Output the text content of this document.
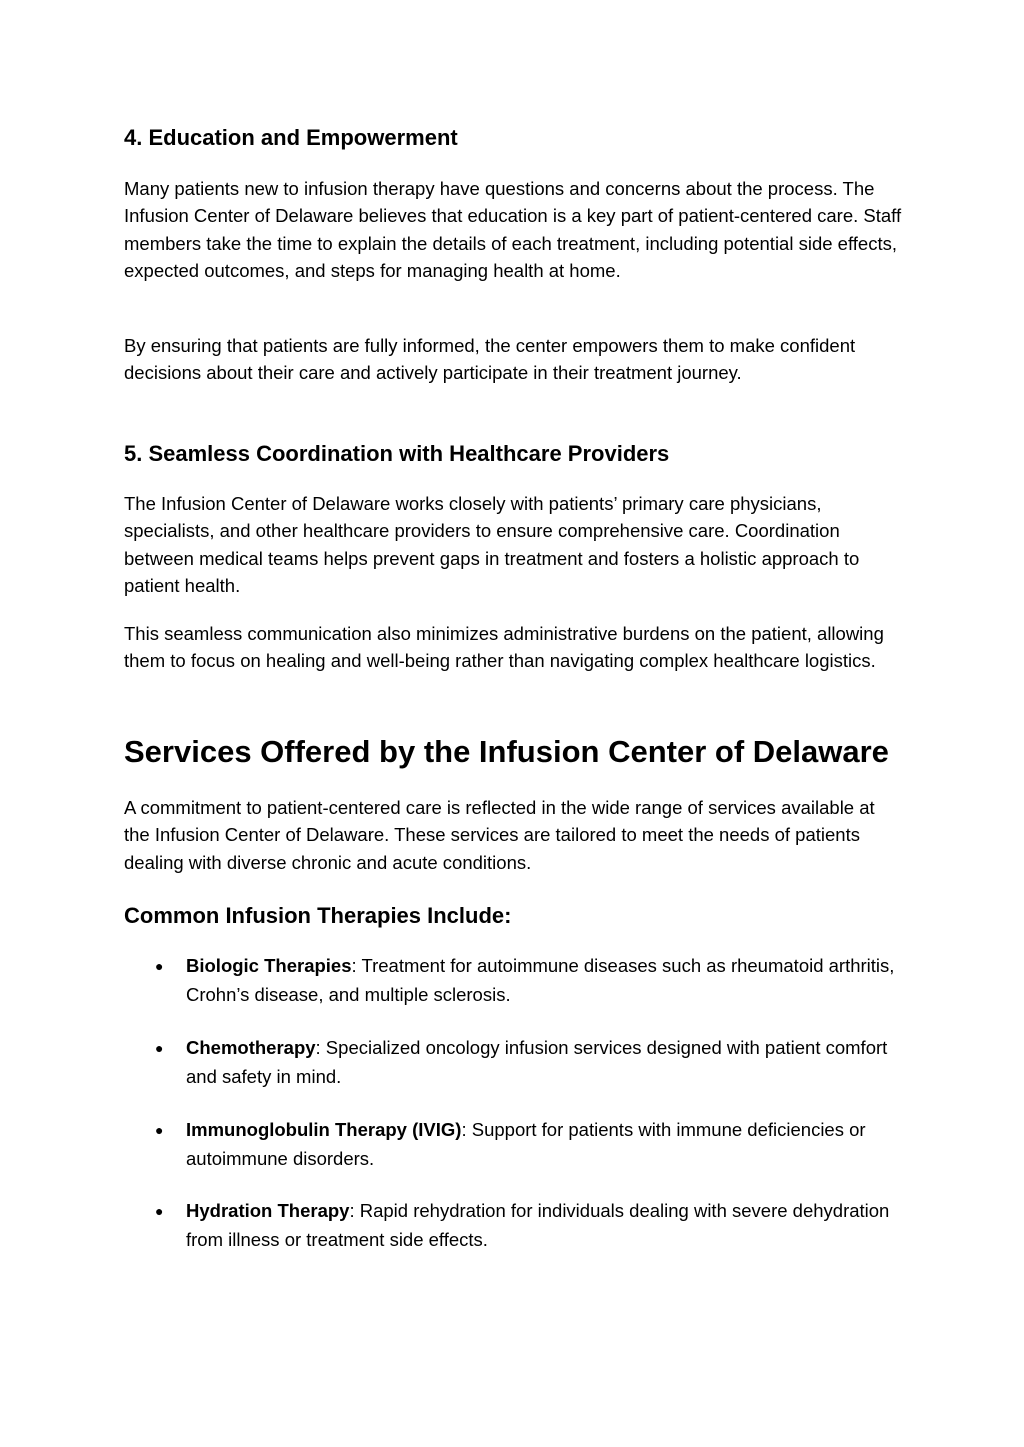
4. Education and Empowerment

Many patients new to infusion therapy have questions and concerns about the process. The Infusion Center of Delaware believes that education is a key part of patient-centered care. Staff members take the time to explain the details of each treatment, including potential side effects, expected outcomes, and steps for managing health at home.

By ensuring that patients are fully informed, the center empowers them to make confident decisions about their care and actively participate in their treatment journey.

5. Seamless Coordination with Healthcare Providers

The Infusion Center of Delaware works closely with patients’ primary care physicians, specialists, and other healthcare providers to ensure comprehensive care. Coordination between medical teams helps prevent gaps in treatment and fosters a holistic approach to patient health.

This seamless communication also minimizes administrative burdens on the patient, allowing them to focus on healing and well-being rather than navigating complex healthcare logistics.

Services Offered by the Infusion Center of Delaware

A commitment to patient-centered care is reflected in the wide range of services available at the Infusion Center of Delaware. These services are tailored to meet the needs of patients dealing with diverse chronic and acute conditions.

Common Infusion Therapies Include:
● Biologic Therapies: Treatment for autoimmune diseases such as rheumatoid arthritis, Crohn’s disease, and multiple sclerosis.
● Chemotherapy: Specialized oncology infusion services designed with patient comfort and safety in mind.
● Immunoglobulin Therapy (IVIG): Support for patients with immune deficiencies or autoimmune disorders.
● Hydration Therapy: Rapid rehydration for individuals dealing with severe dehydration from illness or treatment side effects.
